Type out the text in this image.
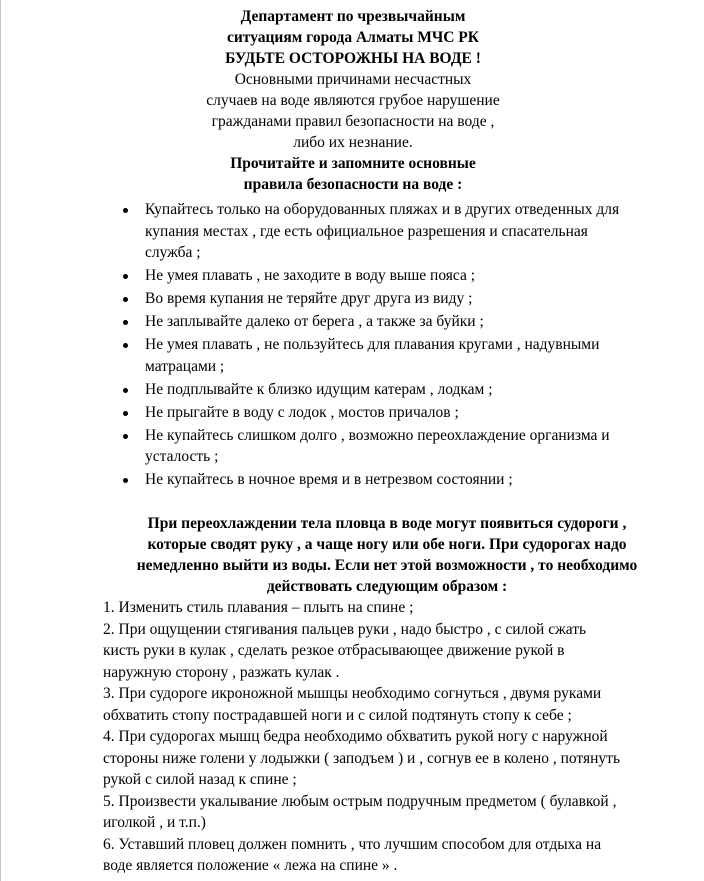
Департамент по чрезвычайным
ситуациям города Алматы МЧС РК
БУДЬТЕ ОСТОРОЖНЫ НА ВОДЕ !
Основными причинами несчастных
случаев на воде являются грубое нарушение
гражданами правил безопасности на воде ,
либо их незнание.
Прочитайте и запомните основные
правила безопасности на воде :
Купайтесь только на оборудованных пляжах и в других отведенных для
купания местах , где есть официальное разрешения и спасательная
служба ;
Не умея плавать , не заходите в воду выше пояса ;
Во время купания не теряйте друг друга из виду ;
Не заплывайте далеко от берега , а также за буйки ;
Не умея плавать , не пользуйтесь для плавания кругами , надувными
матрацами ;
Не подплывайте к близко идущим катерам , лодкам ;
Не прыгайте в воду с лодок , мостов причалов ;
Не купайтесь слишком долго , возможно переохлаждение организма и
усталость ;
Не купайтесь в ночное время и в нетрезвом состоянии ;
При переохлаждении тела пловца в воде могут появиться судороги ,
которые сводят руку , а чаще ногу или обе ноги. При судорогах надо
немедленно выйти из воды. Если нет этой возможности , то необходимо
действовать следующим образом :
1. Изменить стиль плавания – плыть на спине ;
2. При ощущении стягивания пальцев руки , надо быстро , с силой сжать
кисть руки в кулак , сделать резкое отбрасывающее движение рукой в
наружную сторону , разжать кулак .
3. При судороге икроножной мышцы необходимо согнуться , двумя руками
обхватить стопу пострадавшей ноги и с силой подтянуть стопу к себе ;
4. При судорогах мышц бедра необходимо обхватить рукой ногу с наружной
стороны ниже голени у лодыжки ( заподъем ) и , согнув ее в колено , потянуть
рукой с силой назад к спине ;
5. Произвести укалывание любым острым подручным предметом ( булавкой ,
иголкой , и т.п.)
6. Уставший пловец должен помнить , что лучшим способом для отдыха на
воде является положение « лежа на спине » .
